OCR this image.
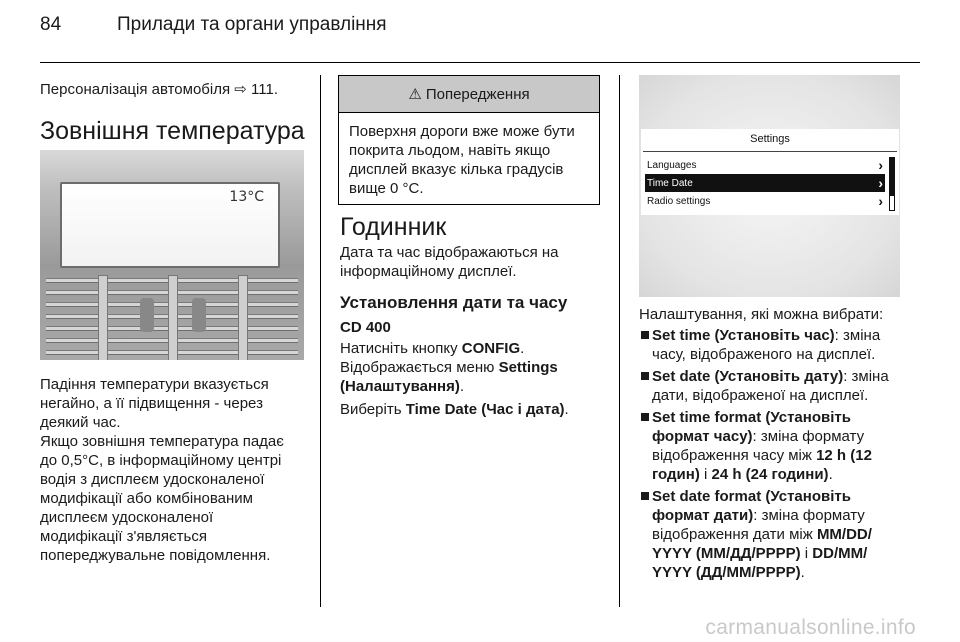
84	Прилади та органи управління
Персоналізація автомобіля ⇨ 111.
Зовнішня температура
13°C
Падіння температури вказується
негайно, а її підвищення - через
деякий час.
Якщо зовнішня температура падає
до 0,5°С, в інформаційному центрі
водія з дисплеєм удосконаленої
модифікації або комбінованим
дисплеєм удосконаленої
модифікації з'являється
попереджувальне повідомлення.
⚠ Попередження
Поверхня дороги вже може бути
покрита льодом, навіть якщо
дисплей вказує кілька градусів
вище 0 °C.
Годинник
Дата та час відображаються на
інформаційному дисплеї.
Установлення дати та часу
CD 400
Натисніть кнопку CONFIG.
Відображається меню Settings
(Налаштування).
Виберіть Time Date (Час і дата).
Settings
Languages	›
Time Date	›
Radio settings	›
Налаштування, які можна вибрати:
Set time (Установіть час): зміна
часу, відображеного на дисплеї.
Set date (Установіть дату): зміна
дати, відображеної на дисплеї.
Set time format (Установіть
формат часу): зміна формату
відображення часу між 12 h (12
годин) і 24 h (24 години).
Set date format (Установіть
формат дати): зміна формату
відображення дати між MM/DD/
YYYY (ММ/ДД/РРРР) і DD/MM/
YYYY (ДД/ММ/РРРР).
carmanualsonline.info
